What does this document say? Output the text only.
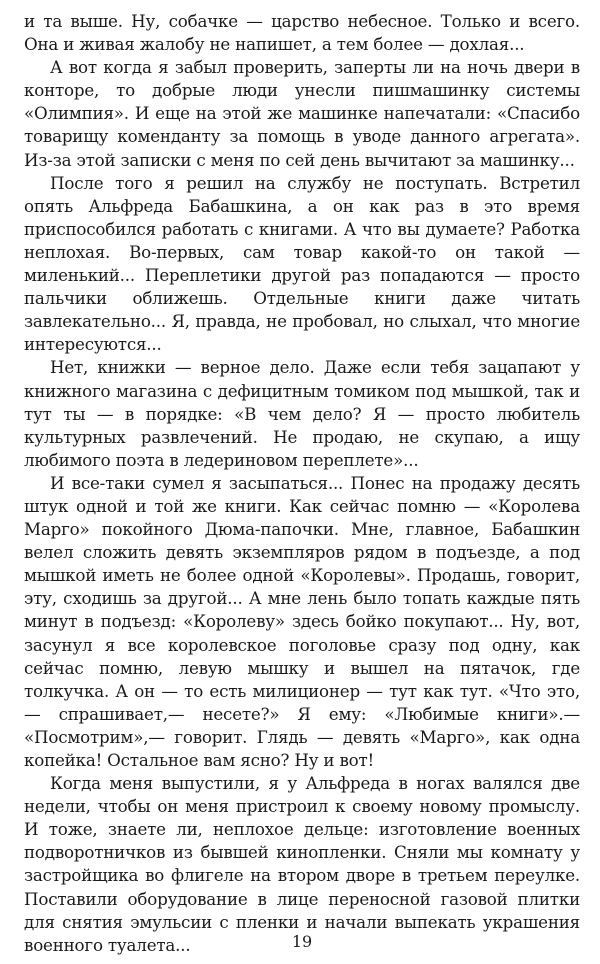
и та выше. Ну, собачке — царство небесное. Только и всего. Она и живая жалобу не напишет, а тем более — дохлая...

А вот когда я забыл проверить, заперты ли на ночь двери в конторе, то добрые люди унесли пишмашинку системы «Олимпия». И еще на этой же машинке напечатали: «Спасибо товарищу коменданту за помощь в уводе данного агрегата». Из-за этой записки с меня по сей день вычитают за машинку...

После того я решил на службу не поступать. Встретил опять Альфреда Бабашкина, а он как раз в это время приспособился работать с книгами. А что вы думаете? Работка неплохая. Во-первых, сам товар какой-то он такой — миленький... Переплетики другой раз попадаются — просто пальчики оближешь. Отдельные книги даже читать завлекательно... Я, правда, не пробовал, но слыхал, что многие интересуются...

Нет, книжки — верное дело. Даже если тебя зацапают у книжного магазина с дефицитным томиком под мышкой, так и тут ты — в порядке: «В чем дело? Я — просто любитель культурных развлечений. Не продаю, не скупаю, а ищу любимого поэта в ледериновом переплете»...

И все-таки сумел я засыпаться... Понес на продажу десять штук одной и той же книги. Как сейчас помню — «Королева Марго» покойного Дюма-папочки. Мне, главное, Бабашкин велел сложить девять экземпляров рядом в подъезде, а под мышкой иметь не более одной «Королевы». Продашь, говорит, эту, сходишь за другой... А мне лень было топать каждые пять минут в подъезд: «Королеву» здесь бойко покупают... Ну, вот, засунул я все королевское поголовье сразу под одну, как сейчас помню, левую мышку и вышел на пятачок, где толкучка. А он — то есть милиционер — тут как тут. «Что это,— спрашивает,— несете?» Я ему: «Любимые книги».— «Посмотрим»,— говорит. Глядь — девять «Марго», как одна копейка! Остальное вам ясно? Ну и вот!

Когда меня выпустили, я у Альфреда в ногах валялся две недели, чтобы он меня пристроил к своему новому промыслу. И тоже, знаете ли, неплохое дельце: изготовление военных подворотничков из бывшей кинопленки. Сняли мы комнату у застройщика во флигеле на втором дворе в третьем переулке. Поставили оборудование в лице переносной газовой плитки для снятия эмульсии с пленки и начали выпекать украшения военного туалета...	19
